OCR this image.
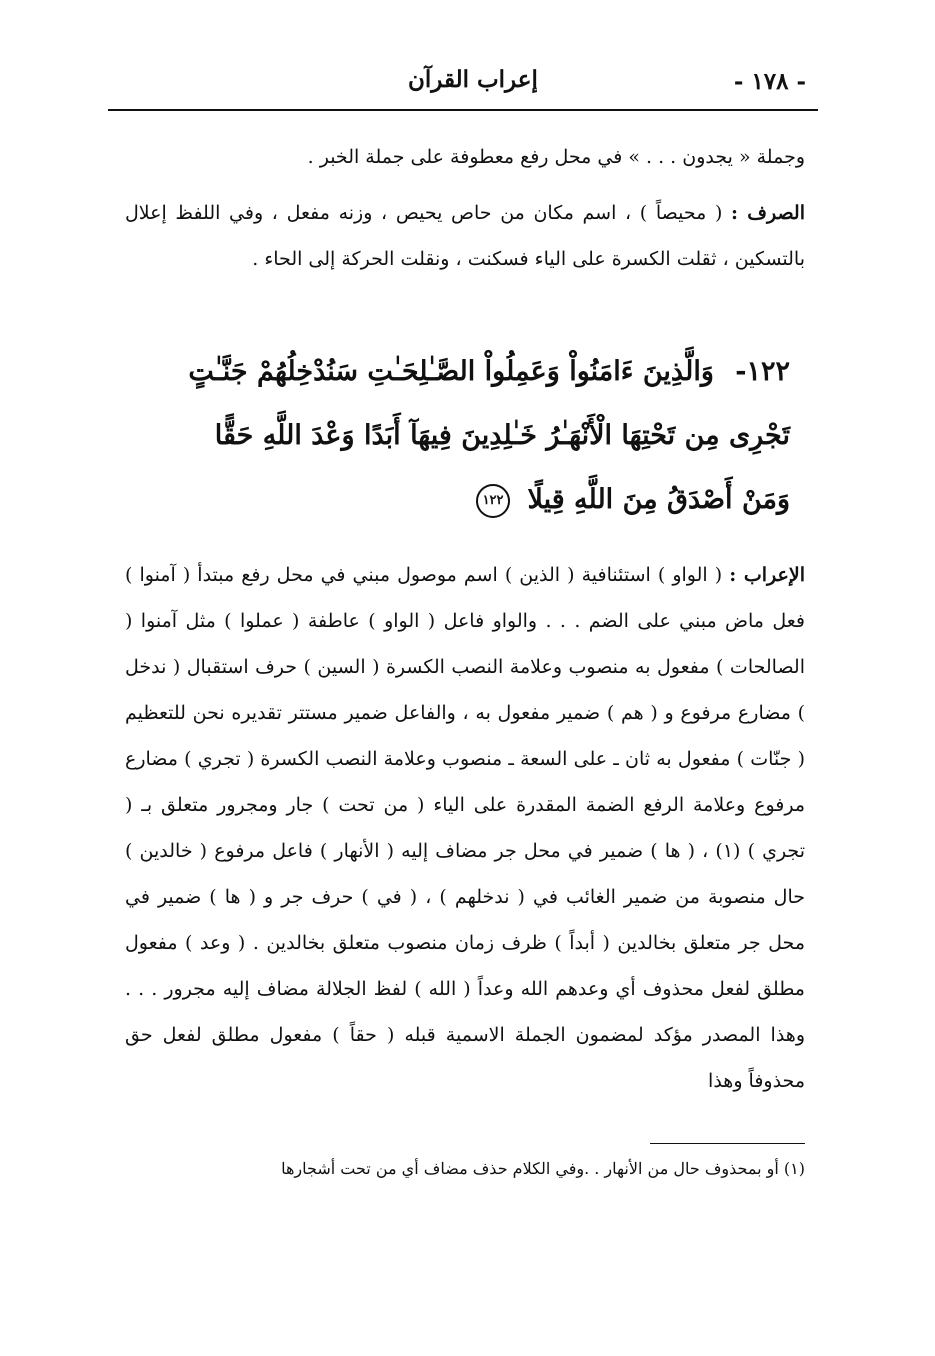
إعراب القرآن	- ١٧٨ -

وجملة « يجدون . . . » في محل رفع معطوفة على جملة الخبر .

الصرف : ( محيصاً ) ، اسم مكان من حاص يحيص ، وزنه مفعل ، وفي اللفظ إعلال بالتسكين ، ثقلت الكسرة على الياء فسكنت ، ونقلت الحركة إلى الحاء .

١٢٢- وَالَّذِينَ ءَامَنُواْ وَعَمِلُواْ الصَّـٰلِحَـٰتِ سَنُدْخِلُهُمْ جَنَّـٰتٍ تَجْرِى مِن تَحْتِهَا الْأَنْهَـٰرُ خَـٰلِدِينَ فِيهَآ أَبَدًا وَعْدَ اللَّهِ حَقًّا وَمَنْ أَصْدَقُ مِنَ اللَّهِ قِيلًا ١٢٢

الإعراب : ( الواو ) استئنافية ( الذين ) اسم موصول مبني في محل رفع مبتدأ ( آمنوا ) فعل ماض مبني على الضم . . . والواو فاعل ( الواو ) عاطفة ( عملوا ) مثل آمنوا ( الصالحات ) مفعول به منصوب وعلامة النصب الكسرة ( السين ) حرف استقبال ( ندخل ) مضارع مرفوع و ( هم ) ضمير مفعول به ، والفاعل ضمير مستتر تقديره نحن للتعظيم ( جنّات ) مفعول به ثان ـ على السعة ـ منصوب وعلامة النصب الكسرة ( تجري ) مضارع مرفوع وعلامة الرفع الضمة المقدرة على الياء ( من تحت ) جار ومجرور متعلق بـ ( تجري ) (١) ، ( ها ) ضمير في محل جر مضاف إليه ( الأنهار ) فاعل مرفوع ( خالدين ) حال منصوبة من ضمير الغائب في ( ندخلهم ) ، ( في ) حرف جر و ( ها ) ضمير في محل جر متعلق بخالدين ( أبداً ) ظرف زمان منصوب متعلق بخالدين . ( وعد ) مفعول مطلق لفعل محذوف أي وعدهم الله وعداً ( الله ) لفظ الجلالة مضاف إليه مجرور . . . وهذا المصدر مؤكد لمضمون الجملة الاسمية قبله ( حقاً ) مفعول مطلق لفعل حق محذوفاً وهذا

(١) أو بمحذوف حال من الأنهار . .وفي الكلام حذف مضاف أي من تحت أشجارها
